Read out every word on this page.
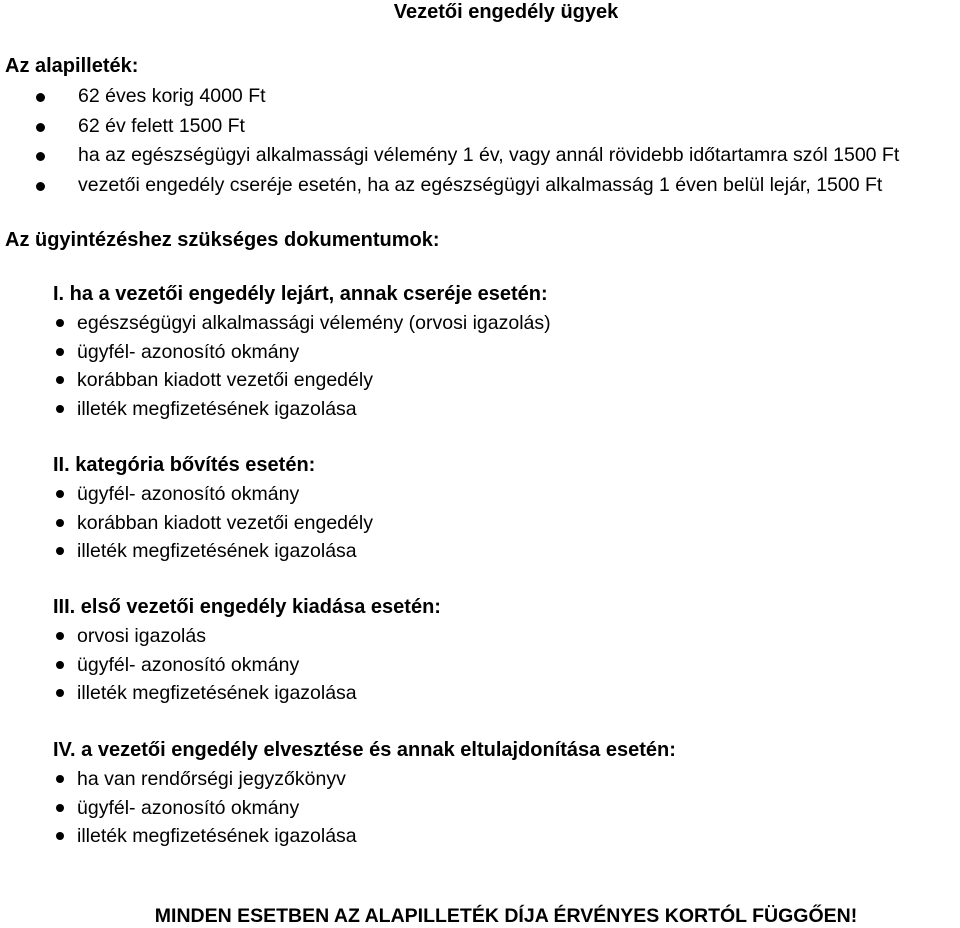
Vezetői engedély ügyek
Az alapilleték:
62 éves korig 4000 Ft
62 év felett 1500 Ft
ha az egészségügyi alkalmassági vélemény 1 év, vagy annál rövidebb időtartamra szól 1500 Ft
vezetői engedély cseréje esetén, ha az egészségügyi alkalmasság 1 éven belül lejár, 1500 Ft
Az ügyintézéshez szükséges dokumentumok:
I. ha a vezetői engedély lejárt, annak cseréje esetén:
egészségügyi alkalmassági vélemény (orvosi igazolás)
ügyfél- azonosító okmány
korábban kiadott vezetői engedély
illeték megfizetésének igazolása
II. kategória bővítés esetén:
ügyfél- azonosító okmány
korábban kiadott vezetői engedély
illeték megfizetésének igazolása
III. első vezetői engedély kiadása esetén:
orvosi igazolás
ügyfél- azonosító okmány
illeték megfizetésének igazolása
IV. a vezetői engedély elvesztése és annak eltulajdonítása esetén:
ha van rendőrségi jegyzőkönyv
ügyfél- azonosító okmány
illeték megfizetésének igazolása
MINDEN ESETBEN AZ ALAPILLETÉK DÍJA ÉRVÉNYES KORTÓL FÜGGŐEN!
